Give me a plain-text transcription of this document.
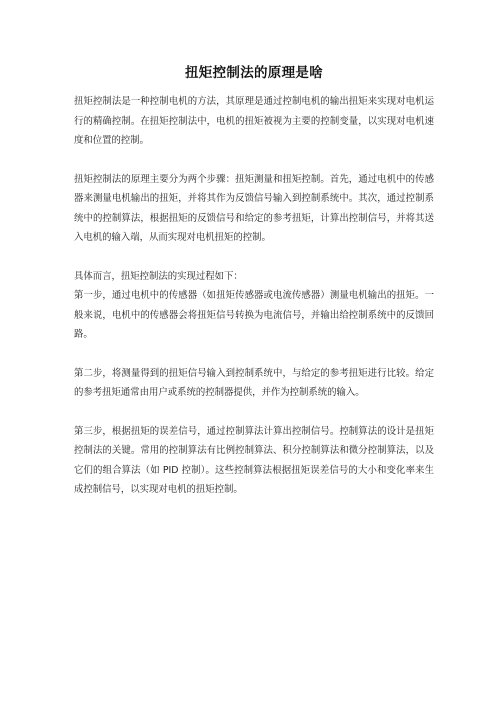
扭矩控制法的原理是啥

扭矩控制法是一种控制电机的方法，其原理是通过控制电机的输出扭矩来实现对电机运行的精确控制。在扭矩控制法中，电机的扭矩被视为主要的控制变量，以实现对电机速度和位置的控制。

扭矩控制法的原理主要分为两个步骤：扭矩测量和扭矩控制。首先，通过电机中的传感器来测量电机输出的扭矩，并将其作为反馈信号输入到控制系统中。其次，通过控制系统中的控制算法，根据扭矩的反馈信号和给定的参考扭矩，计算出控制信号，并将其送入电机的输入端，从而实现对电机扭矩的控制。

具体而言，扭矩控制法的实现过程如下：

第一步，通过电机中的传感器（如扭矩传感器或电流传感器）测量电机输出的扭矩。一般来说，电机中的传感器会将扭矩信号转换为电流信号，并输出给控制系统中的反馈回路。

第二步，将测量得到的扭矩信号输入到控制系统中，与给定的参考扭矩进行比较。给定的参考扭矩通常由用户或系统的控制器提供，并作为控制系统的输入。

第三步，根据扭矩的误差信号，通过控制算法计算出控制信号。控制算法的设计是扭矩控制法的关键。常用的控制算法有比例控制算法、积分控制算法和微分控制算法，以及它们的组合算法（如 PID 控制）。这些控制算法根据扭矩误差信号的大小和变化率来生成控制信号，以实现对电机的扭矩控制。
